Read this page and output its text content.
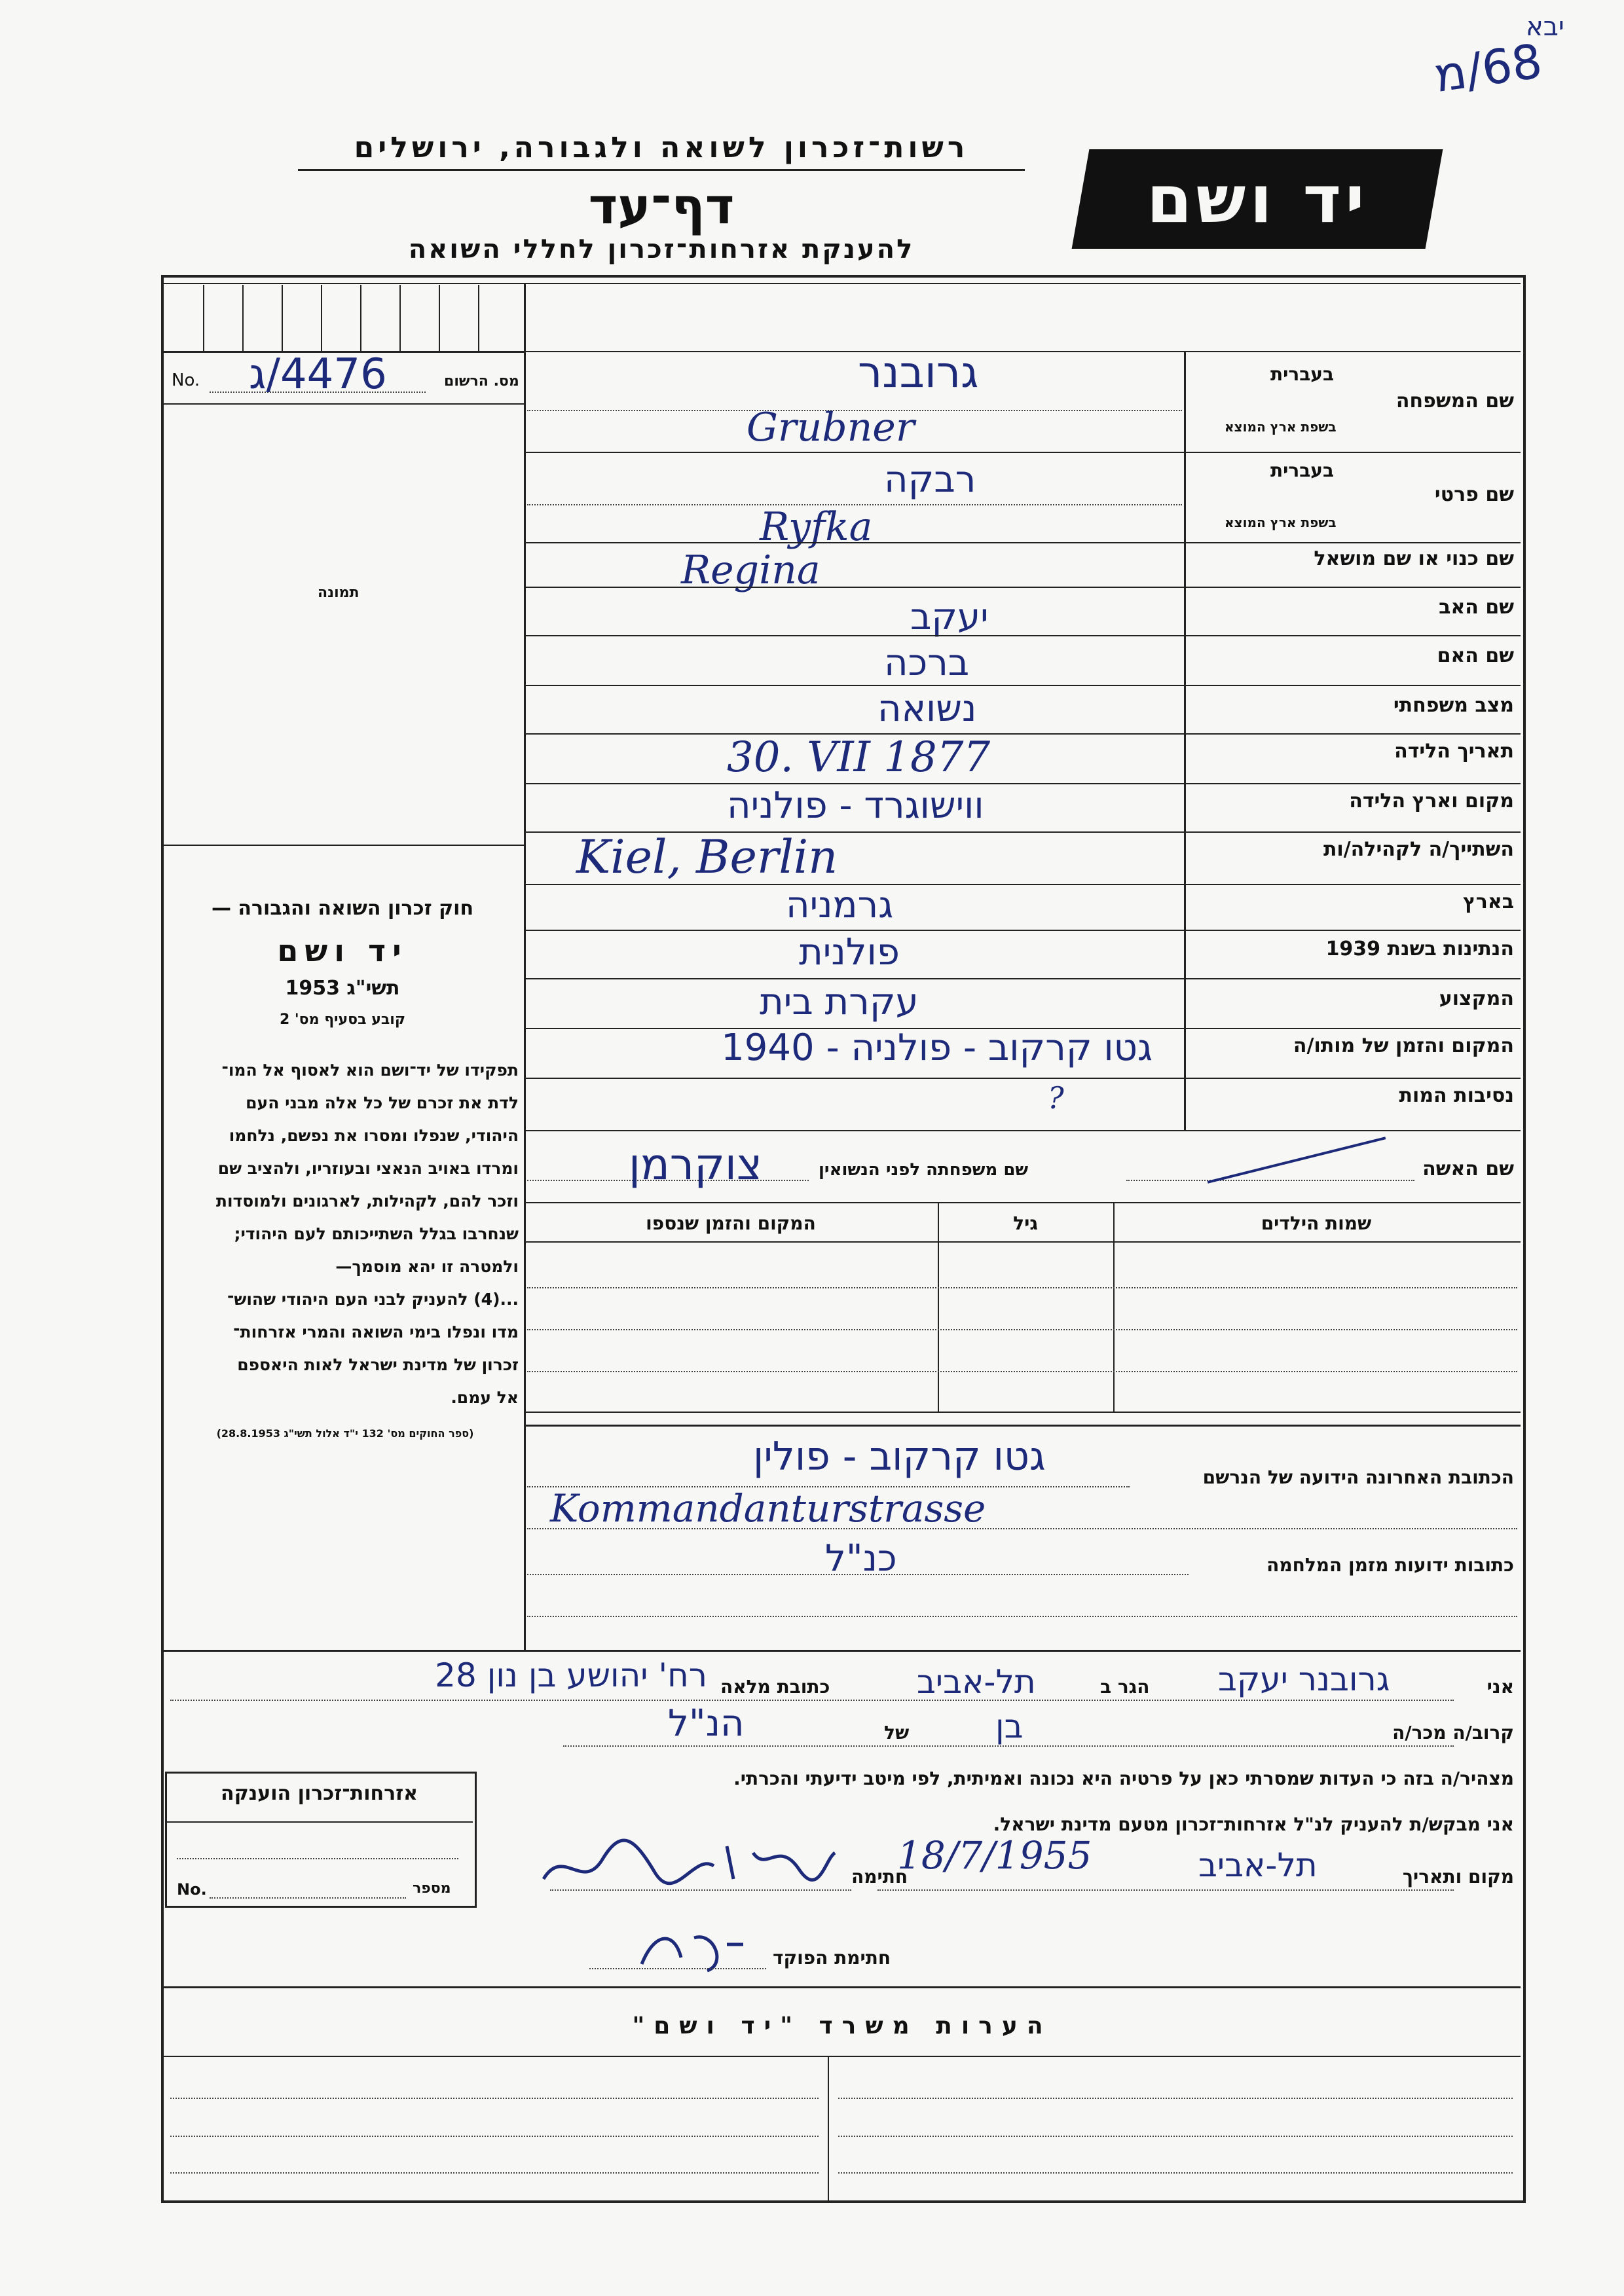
יבא
68/מ
רשות־זכרון לשואה ולגבורה, ירושלים
דף־עד
להענקת אזרחות־זכרון לחללי השואה
יד ושם
No. 4476/ג	מס. הרשום
תמונה
חוק זכרון השואה והגבורה —
יד ושם
תשי"ג 1953
קובע בסעיף מס' 2
תפקידו של יד־ושם הוא לאסוף אל המו־
לדת את זכרם של כל אלה מבני העם
היהודי, שנפלו ומסרו את נפשם, נלחמו
ומרדו באויב הנאצי ובעוזריו, ולהציב שם
וזכר להם, לקהילות, לארגונים ולמוסדות
שנחרבו בגלל השתייכותם לעם היהודי;
ולמטרה זו יהא מוסמך—
...(4) להעניק לבני העם היהודי שהוש־
מדו ונפלו בימי השואה והמרי אזרחות־
זכרון של מדינת ישראל לאות היאספם
אל עמם.
(ספר החוקים מס' 132 י"ד אלול תשי"ג 28.8.1953)
בעברית
בשפת ארץ המוצא
שם המשפחה
גרובנר
Grubner
בעברית
בשפת ארץ המוצא
שם פרטי
רבקה
Ryfka
שם כנוי או שם מושאל
Regina
שם האב
יעקב
שם האם
ברכה
מצב משפחתי
נשואה
תאריך הלידה
30. VII 1877
מקום וארץ הלידה
ווישוגרד - פולניה
השתייך/ה לקהילה/ות
Kiel, Berlin
בארץ
גרמניה
הנתינות בשנת 1939
פולנית
המקצוע
עקרת בית
המקום והזמן של מותו/ה
גטו קרקוב - פולניה - 1940
נסיבות המות
?
שם האשה
שם משפחתה לפני הנשואין
צוקרמן
שמות הילדים
גיל
המקום והזמן שנספו
הכתובת האחרונה הידועה של הנרשם
גטו קרקוב - פולין
Kommandanturstrasse
כתובות ידועות מזמן המלחמה
כנ"ל
אני
גרובנר יעקב
הגר ב
תל-אביב
כתובת מלאה
רח' יהושע בן נון 28
קרוב/ה מכר/ה
בן
של
הנ"ל
מצהיר/ה בזה כי העדות שמסרתי כאן על פרטיה היא נכונה ואמיתית, לפי מיטב ידיעתי והכרתי.
אני מבקש/ת להעניק לנ"ל אזרחות־זכרון מטעם מדינת ישראל.
מקום ותאריך
תל-אביב
18/7/1955
חתימה
חתימת הפוקד
אזרחות־זכרון הוענקה
No.	מספר
הערות משרד "יד ושם"
